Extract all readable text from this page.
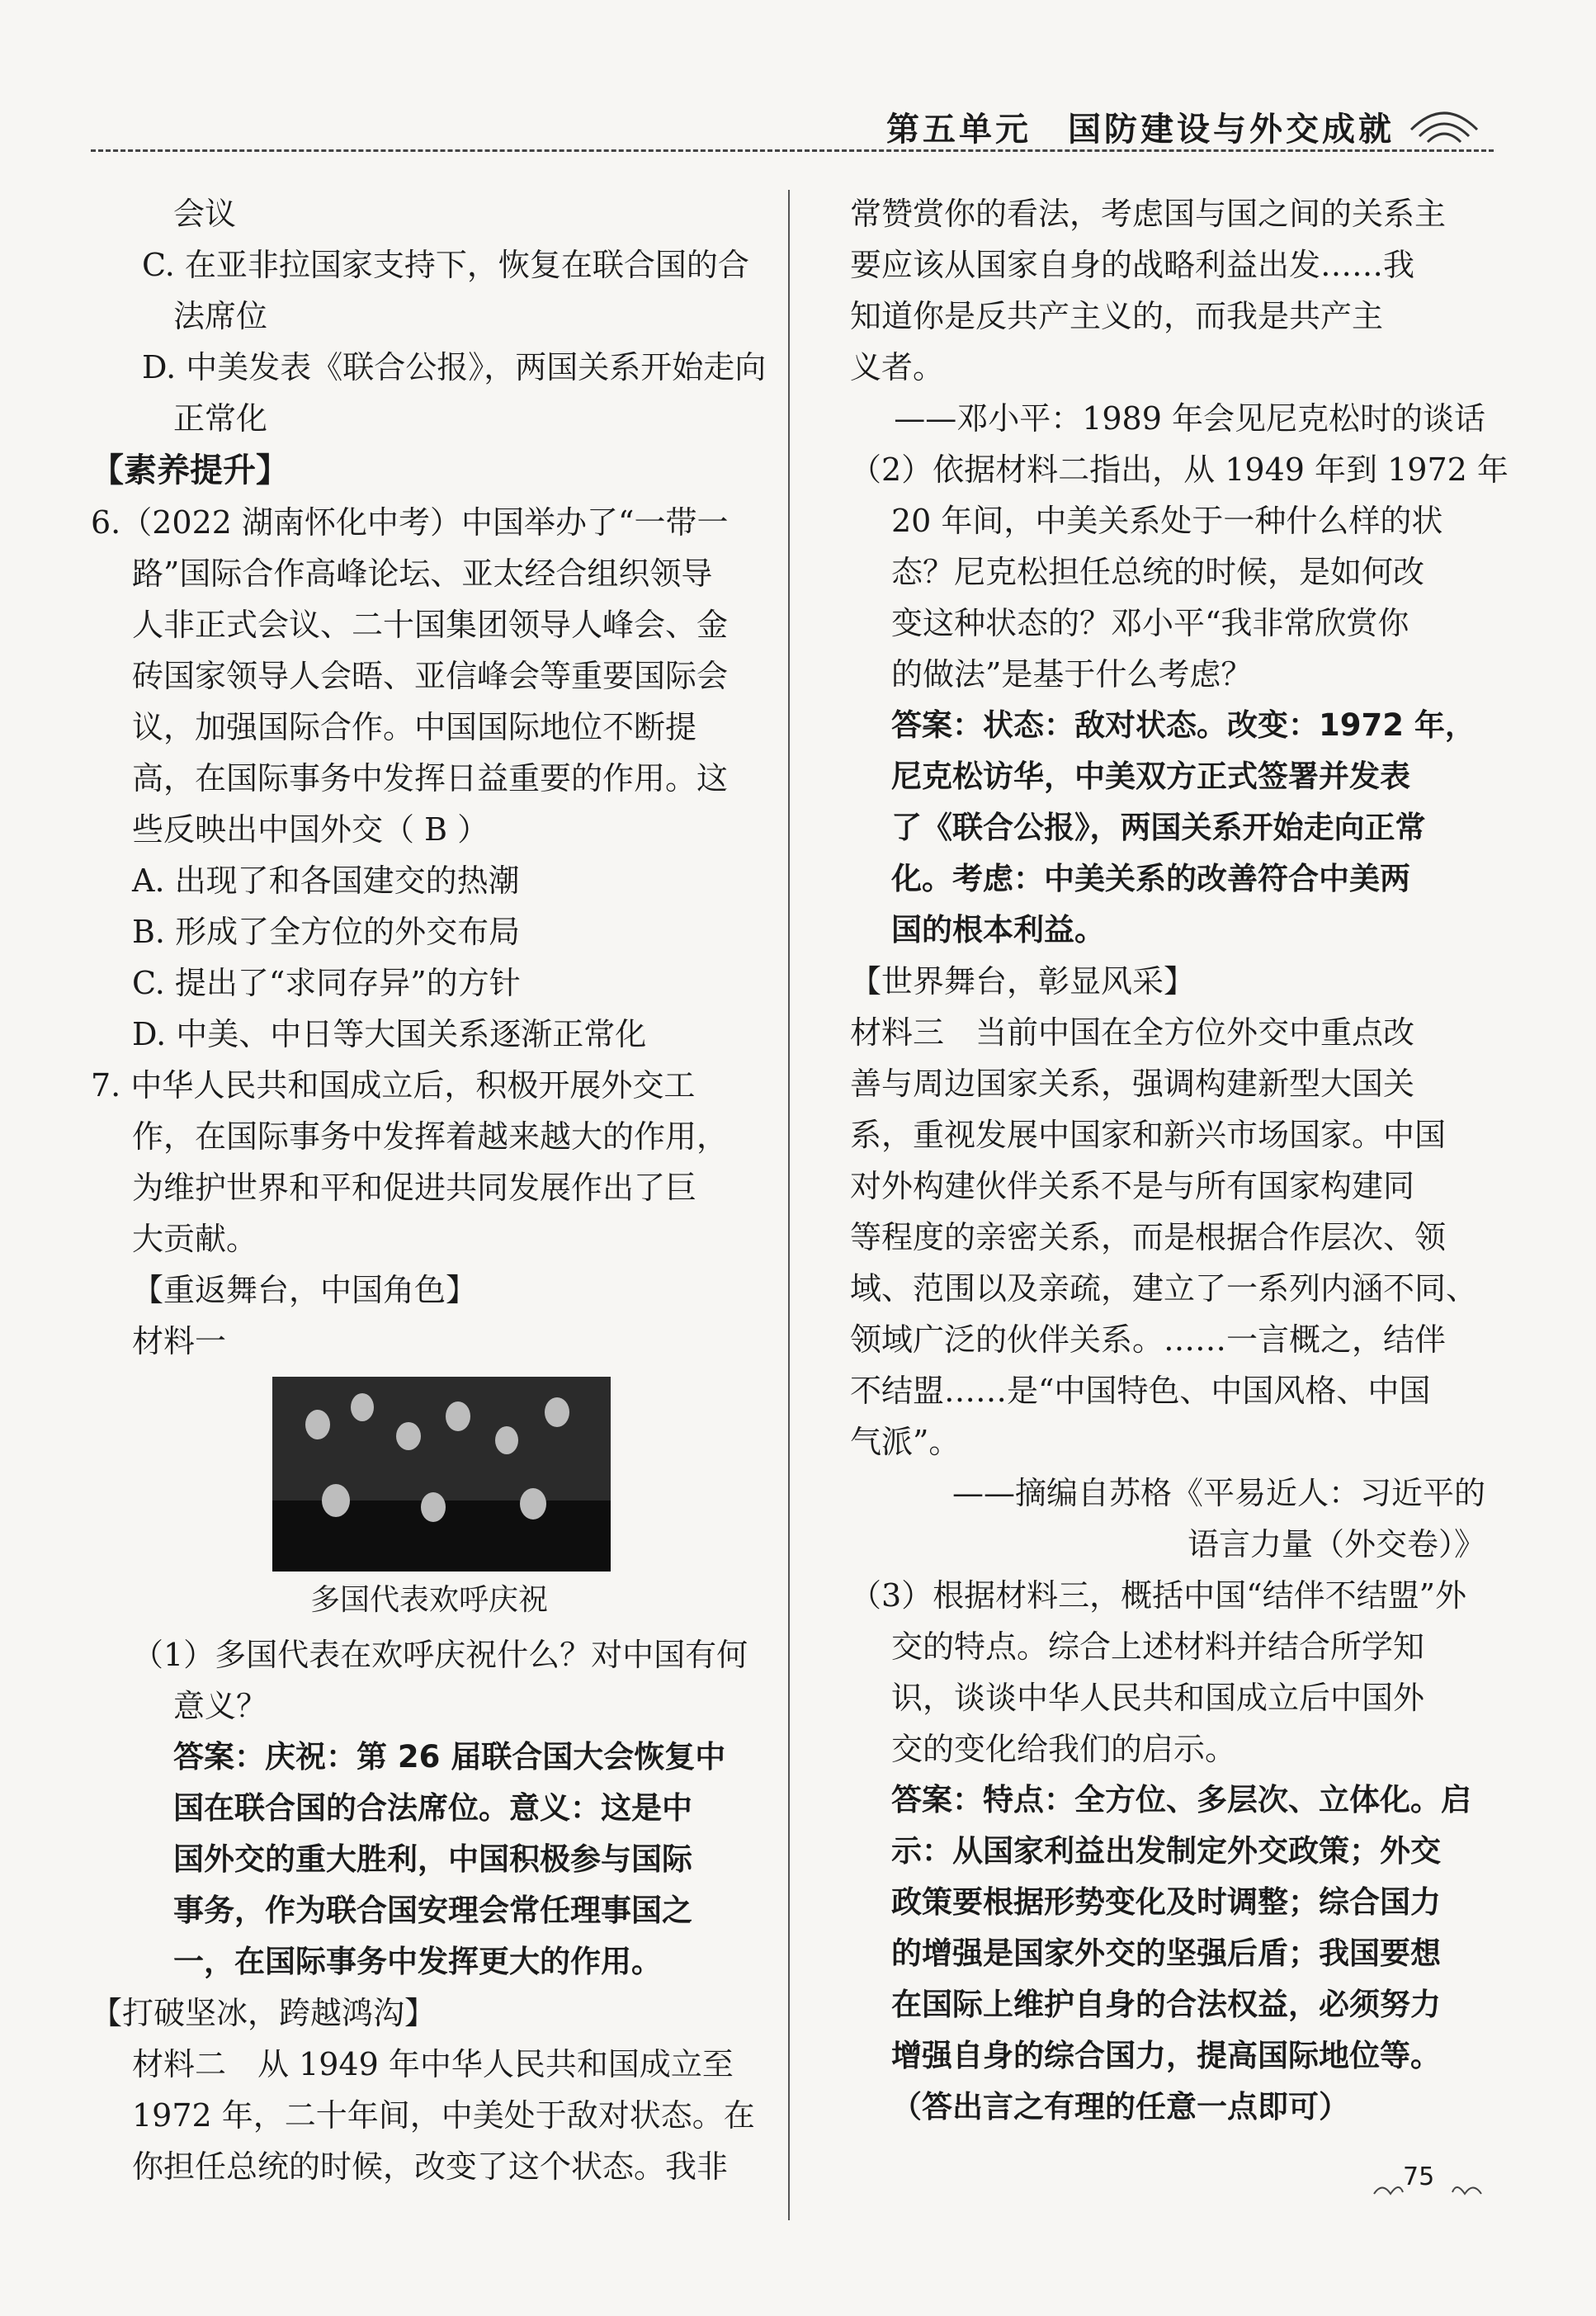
第五单元　国防建设与外交成就
会议
C. 在亚非拉国家支持下，恢复在联合国的合
法席位
D. 中美发表《联合公报》，两国关系开始走向
正常化
【素养提升】
6.（2022 湖南怀化中考）中国举办了“一带一
路”国际合作高峰论坛、亚太经合组织领导
人非正式会议、二十国集团领导人峰会、金
砖国家领导人会晤、亚信峰会等重要国际会
议，加强国际合作。中国国际地位不断提
高，在国际事务中发挥日益重要的作用。这
些反映出中国外交（ B ）
A. 出现了和各国建交的热潮
B. 形成了全方位的外交布局
C. 提出了“求同存异”的方针
D. 中美、中日等大国关系逐渐正常化
7. 中华人民共和国成立后，积极开展外交工
作，在国际事务中发挥着越来越大的作用，
为维护世界和平和促进共同发展作出了巨
大贡献。
【重返舞台，中国角色】
材料一
多国代表欢呼庆祝
（1）多国代表在欢呼庆祝什么？对中国有何
意义？
答案：庆祝：第 26 届联合国大会恢复中
国在联合国的合法席位。意义：这是中
国外交的重大胜利，中国积极参与国际
事务，作为联合国安理会常任理事国之
一，在国际事务中发挥更大的作用。
【打破坚冰，跨越鸿沟】
材料二　从 1949 年中华人民共和国成立至
1972 年，二十年间，中美处于敌对状态。在
你担任总统的时候，改变了这个状态。我非
常赞赏你的看法，考虑国与国之间的关系主
要应该从国家自身的战略利益出发……我
知道你是反共产主义的，而我是共产主
义者。
——邓小平：1989 年会见尼克松时的谈话
（2）依据材料二指出，从 1949 年到 1972 年
20 年间，中美关系处于一种什么样的状
态？尼克松担任总统的时候，是如何改
变这种状态的？邓小平“我非常欣赏你
的做法”是基于什么考虑？
答案：状态：敌对状态。改变：1972 年，
尼克松访华，中美双方正式签署并发表
了《联合公报》，两国关系开始走向正常
化。考虑：中美关系的改善符合中美两
国的根本利益。
【世界舞台，彰显风采】
材料三　当前中国在全方位外交中重点改
善与周边国家关系，强调构建新型大国关
系，重视发展中国家和新兴市场国家。中国
对外构建伙伴关系不是与所有国家构建同
等程度的亲密关系，而是根据合作层次、领
域、范围以及亲疏，建立了一系列内涵不同、
领域广泛的伙伴关系。……一言概之，结伴
不结盟……是“中国特色、中国风格、中国
气派”。
——摘编自苏格《平易近人：习近平的
语言力量（外交卷）》
（3）根据材料三，概括中国“结伴不结盟”外
交的特点。综合上述材料并结合所学知
识，谈谈中华人民共和国成立后中国外
交的变化给我们的启示。
答案：特点：全方位、多层次、立体化。启
示：从国家利益出发制定外交政策；外交
政策要根据形势变化及时调整；综合国力
的增强是国家外交的坚强后盾；我国要想
在国际上维护自身的合法权益，必须努力
增强自身的综合国力，提高国际地位等。
（答出言之有理的任意一点即可）
75
